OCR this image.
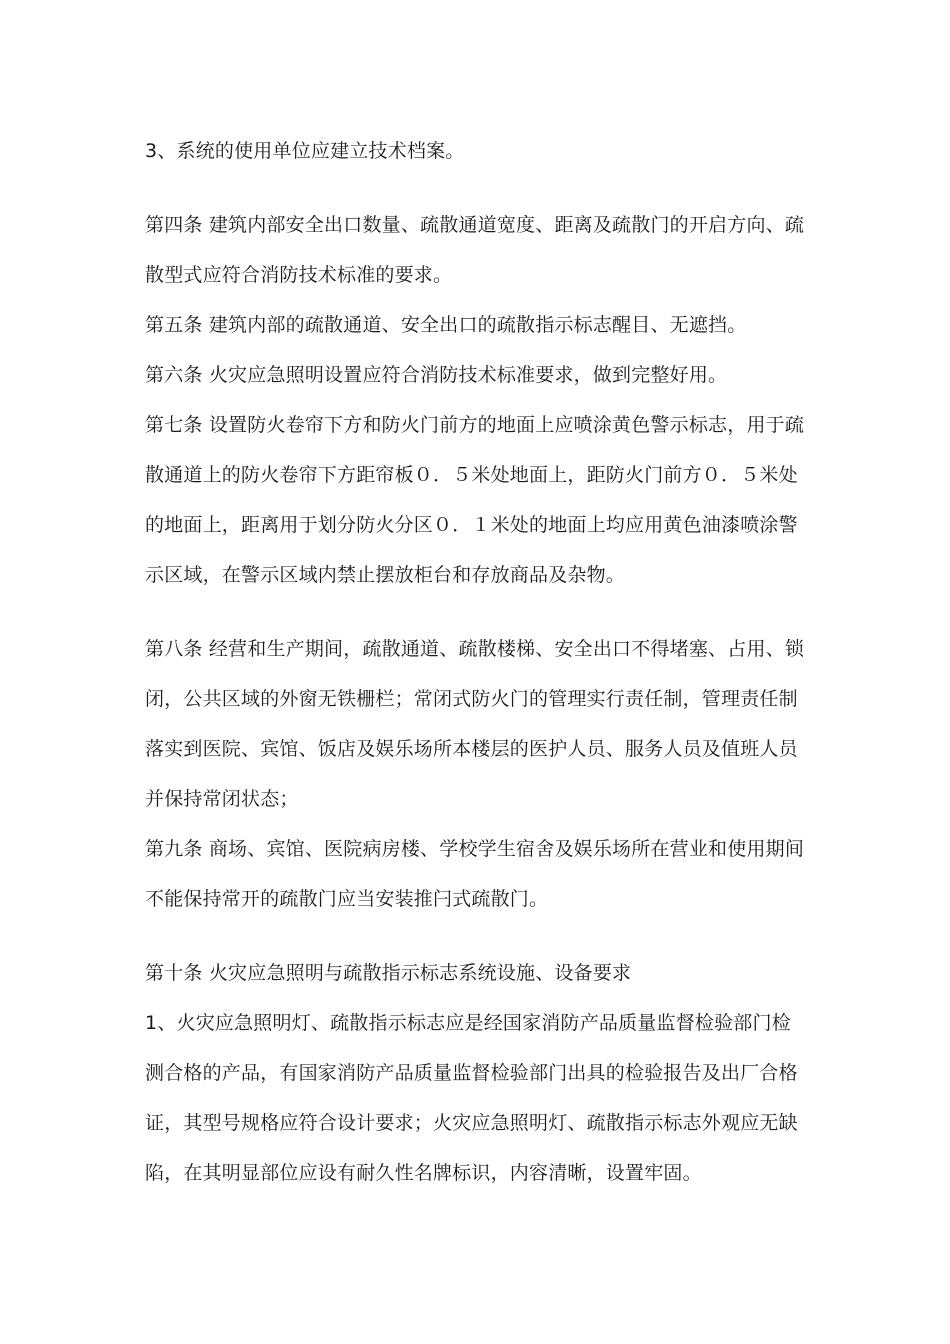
3、系统的使用单位应建立技术档案。
第四条 建筑内部安全出口数量、疏散通道宽度、距离及疏散门的开启方向、疏
散型式应符合消防技术标准的要求。
第五条 建筑内部的疏散通道、安全出口的疏散指示标志醒目、无遮挡。
第六条 火灾应急照明设置应符合消防技术标准要求，做到完整好用。
第七条 设置防火卷帘下方和防火门前方的地面上应喷涂黄色警示标志，用于疏
散通道上的防火卷帘下方距帘板０．５米处地面上，距防火门前方０．５米处
的地面上，距离用于划分防火分区０．１米处的地面上均应用黄色油漆喷涂警
示区域，在警示区域内禁止摆放柜台和存放商品及杂物。
第八条 经营和生产期间，疏散通道、疏散楼梯、安全出口不得堵塞、占用、锁
闭，公共区域的外窗无铁栅栏；常闭式防火门的管理实行责任制，管理责任制
落实到医院、宾馆、饭店及娱乐场所本楼层的医护人员、服务人员及值班人员
并保持常闭状态；
第九条 商场、宾馆、医院病房楼、学校学生宿舍及娱乐场所在营业和使用期间
不能保持常开的疏散门应当安装推闩式疏散门。
第十条 火灾应急照明与疏散指示标志系统设施、设备要求
1、火灾应急照明灯、疏散指示标志应是经国家消防产品质量监督检验部门检
测合格的产品，有国家消防产品质量监督检验部门出具的检验报告及出厂合格
证，其型号规格应符合设计要求；火灾应急照明灯、疏散指示标志外观应无缺
陷，在其明显部位应设有耐久性名牌标识，内容清晰，设置牢固。
